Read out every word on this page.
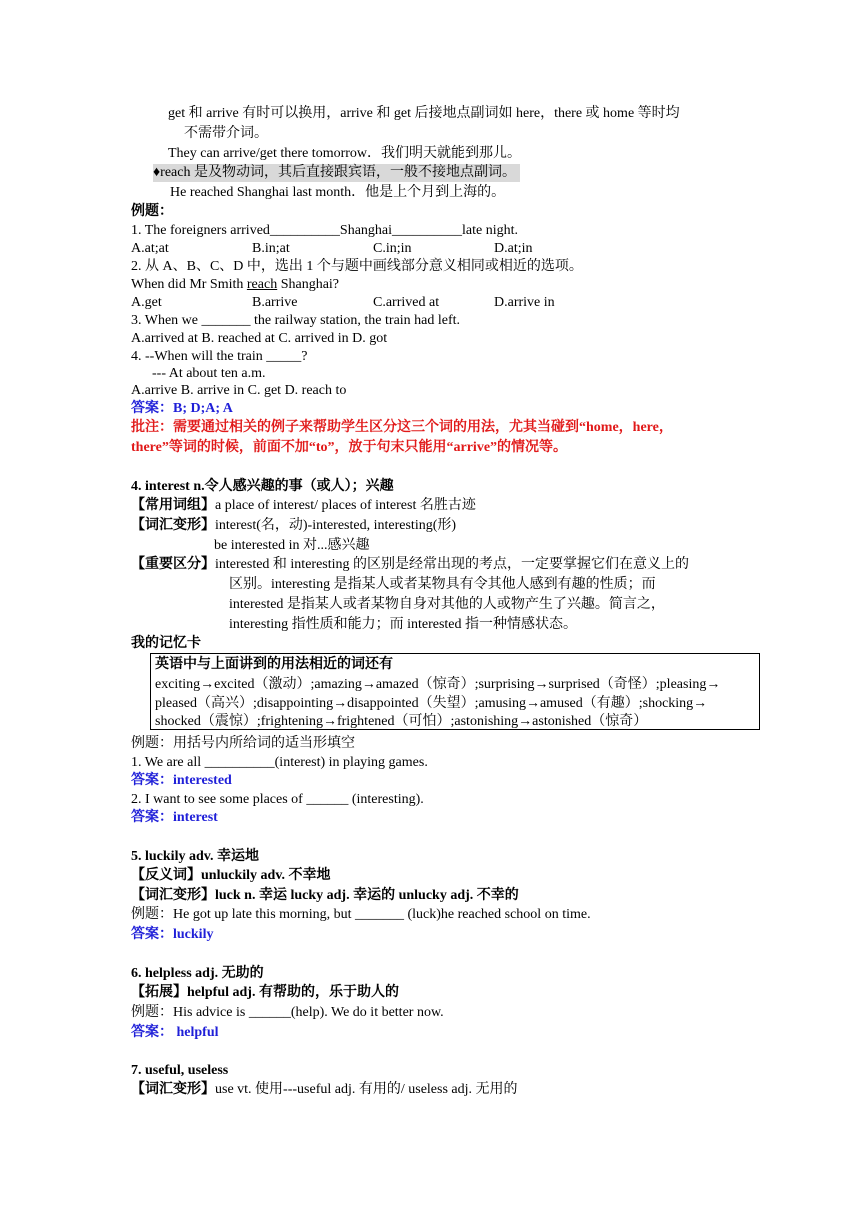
get 和 arrive 有时可以换用，arrive 和 get 后接地点副词如 here，there 或 home 等时均
不需带介词。
They can arrive/get there tomorrow．我们明天就能到那儿。
♦reach 是及物动词，其后直接跟宾语，一般不接地点副词。
He reached Shanghai last month．他是上个月到上海的。
例题：
1. The foreigners arrived__________Shanghai__________late night.
A.at;at	B.in;at	C.in;in	D.at;in
2. 从 A、B、C、D 中，选出 1 个与题中画线部分意义相同或相近的选项。
When did Mr Smith reach Shanghai?
A.get	B.arrive	C.arrived at	D.arrive in
3. When we _______ the railway station, the train had left.
A.arrived at B. reached at C. arrived in D. got
4. --When will the train _____?
--- At about ten a.m.
A.arrive B. arrive in C. get D. reach to
答案：B; D;A; A
批注：需要通过相关的例子来帮助学生区分这三个词的用法，尤其当碰到“home，here，
there”等词的时候，前面不加“to”，放于句末只能用“arrive”的情况等。
4. interest n.令人感兴趣的事（或人）；兴趣
【常用词组】a place of interest/ places of interest 名胜古迹
【词汇变形】interest(名，动)-interested, interesting(形)
be interested in 对...感兴趣
【重要区分】interested 和 interesting 的区别是经常出现的考点，一定要掌握它们在意义上的
区别。interesting 是指某人或者某物具有令其他人感到有趣的性质；而
interested 是指某人或者某物自身对其他的人或物产生了兴趣。简言之，
interesting 指性质和能力；而 interested 指一种情感状态。
我的记忆卡
英语中与上面讲到的用法相近的词还有
exciting→excited（激动）;amazing→amazed（惊奇）;surprising→surprised（奇怪）;pleasing→
pleased（高兴）;disappointing→disappointed（失望）;amusing→amused（有趣）;shocking→
shocked（震惊）;frightening→frightened（可怕）;astonishing→astonished（惊奇）
例题：用括号内所给词的适当形填空
1. We are all __________(interest) in playing games.
答案：interested
2. I want to see some places of ______ (interesting).
答案：interest
5. luckily adv. 幸运地
【反义词】unluckily adv. 不幸地
【词汇变形】luck n. 幸运 lucky adj. 幸运的 unlucky adj. 不幸的
例题：He got up late this morning, but _______ (luck)he reached school on time.
答案：luckily
6. helpless adj. 无助的
【拓展】helpful adj. 有帮助的，乐于助人的
例题：His advice is ______(help). We do it better now.
答案： helpful
7. useful, useless
【词汇变形】use vt. 使用---useful adj. 有用的/ useless adj. 无用的
